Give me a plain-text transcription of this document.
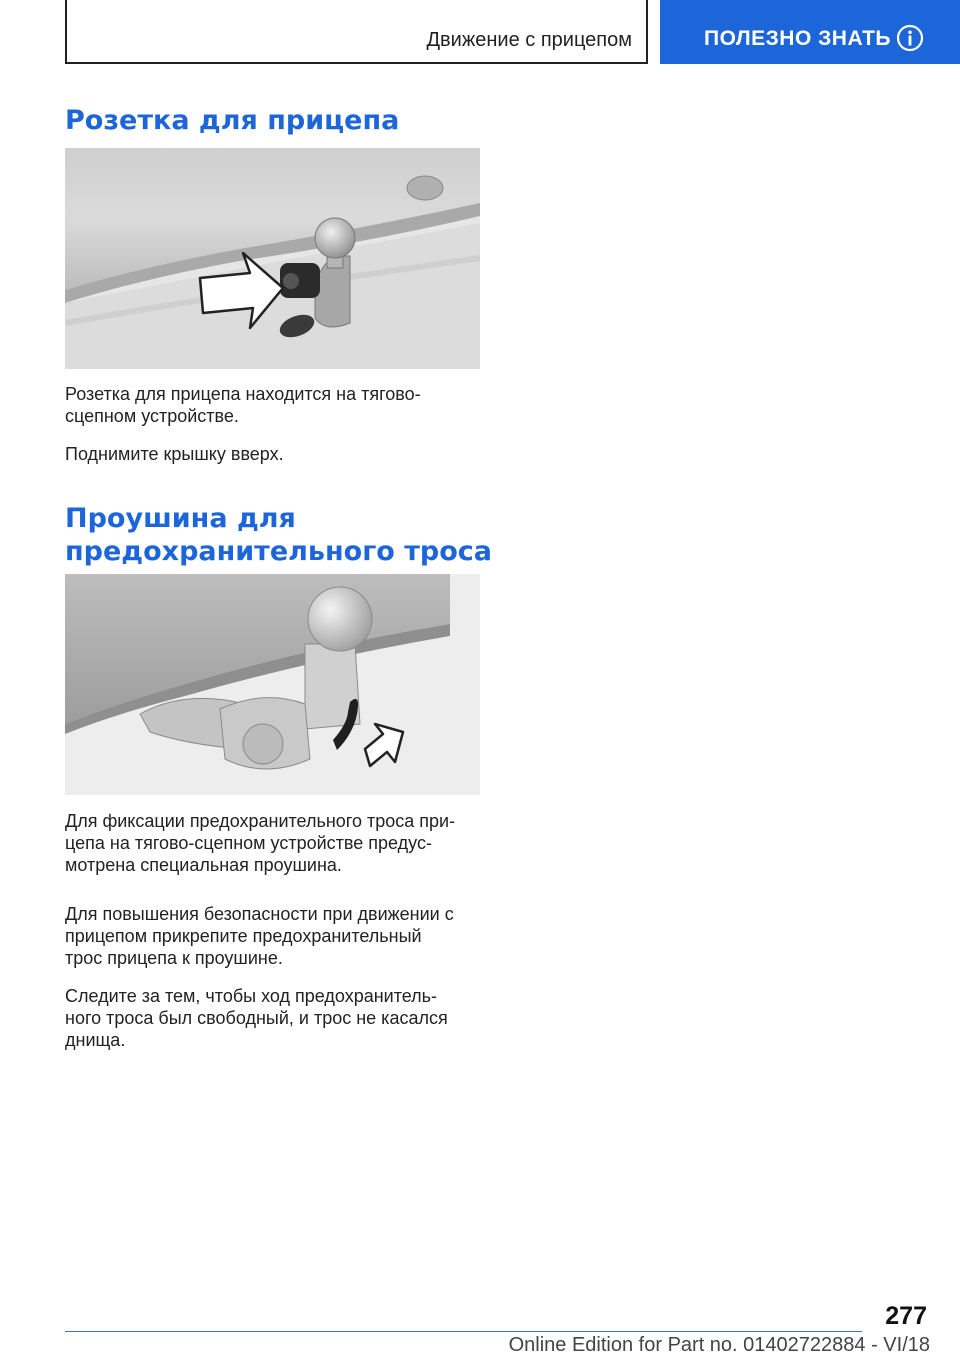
Движение с прицепом	ПОЛЕЗНО ЗНАТЬ
Розетка для прицепа

Розетка для прицепа находится на тягово-
сцепном устройстве.

Поднимите крышку вверх.

Проушина для
предохранительного троса

Для фиксации предохранительного троса при-
цепа на тягово-сцепном устройстве предус-
мотрена специальная проушина.

Для повышения безопасности при движении с
прицепом прикрепите предохранительный
трос прицепа к проушине.

Следите за тем, чтобы ход предохранитель-
ного троса был свободный, и трос не касался
днища.

277
Online Edition for Part no. 01402722884 - VI/18
